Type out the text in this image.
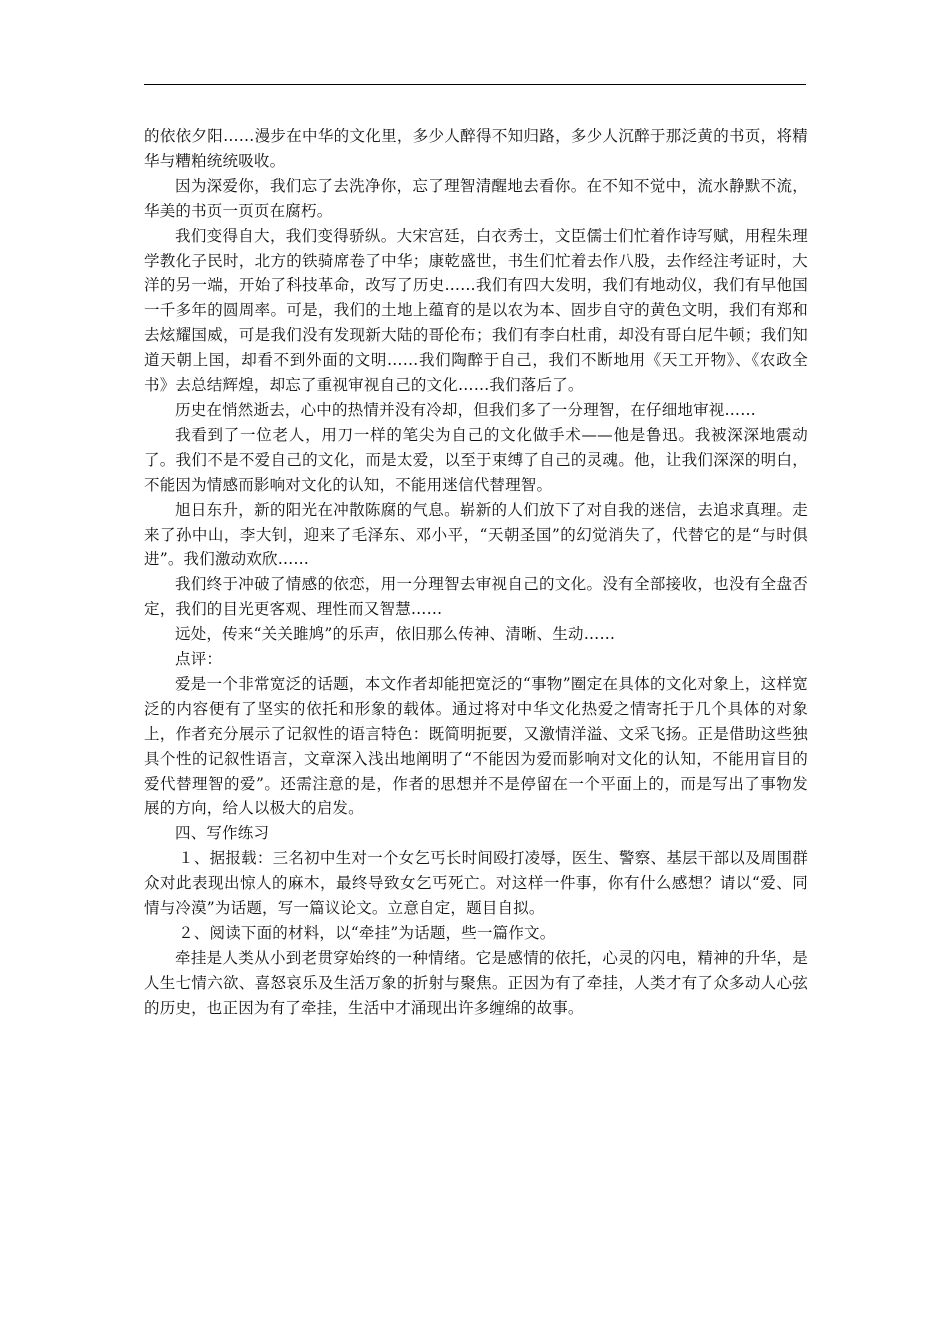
的依依夕阳……漫步在中华的文化里，多少人醉得不知归路，多少人沉醉于那泛黄的书页，将精华与糟粕统统吸收。

因为深爱你，我们忘了去洗净你，忘了理智清醒地去看你。在不知不觉中，流水静默不流，华美的书页一页页在腐朽。

我们变得自大，我们变得骄纵。大宋宫廷，白衣秀士，文臣儒士们忙着作诗写赋，用程朱理学教化子民时，北方的铁骑席卷了中华；康乾盛世，书生们忙着去作八股，去作经注考证时，大洋的另一端，开始了科技革命，改写了历史……我们有四大发明，我们有地动仪，我们有早他国一千多年的圆周率。可是，我们的土地上蕴育的是以农为本、固步自守的黄色文明，我们有郑和去炫耀国威，可是我们没有发现新大陆的哥伦布；我们有李白杜甫，却没有哥白尼牛顿；我们知道天朝上国，却看不到外面的文明……我们陶醉于自己，我们不断地用《天工开物》、《农政全书》去总结辉煌，却忘了重视审视自己的文化……我们落后了。

历史在悄然逝去，心中的热情并没有冷却，但我们多了一分理智，在仔细地审视……

我看到了一位老人，用刀一样的笔尖为自己的文化做手术——他是鲁迅。我被深深地震动了。我们不是不爱自己的文化，而是太爱，以至于束缚了自己的灵魂。他，让我们深深的明白，不能因为情感而影响对文化的认知，不能用迷信代替理智。

旭日东升，新的阳光在冲散陈腐的气息。崭新的人们放下了对自我的迷信，去追求真理。走来了孙中山，李大钊，迎来了毛泽东、邓小平，“天朝圣国”的幻觉消失了，代替它的是“与时俱进”。我们激动欢欣……

我们终于冲破了情感的依恋，用一分理智去审视自己的文化。没有全部接收，也没有全盘否定，我们的目光更客观、理性而又智慧……

远处，传来“关关雎鸠”的乐声，依旧那么传神、清晰、生动……

点评：

爱是一个非常宽泛的话题，本文作者却能把宽泛的“事物”圈定在具体的文化对象上，这样宽泛的内容便有了坚实的依托和形象的载体。通过将对中华文化热爱之情寄托于几个具体的对象上，作者充分展示了记叙性的语言特色：既简明扼要，又激情洋溢、文采飞扬。正是借助这些独具个性的记叙性语言，文章深入浅出地阐明了“不能因为爱而影响对文化的认知，不能用盲目的爱代替理智的爱”。还需注意的是，作者的思想并不是停留在一个平面上的，而是写出了事物发展的方向，给人以极大的启发。

四、写作练习

１、据报载：三名初中生对一个女乞丐长时间殴打凌辱，医生、警察、基层干部以及周围群众对此表现出惊人的麻木，最终导致女乞丐死亡。对这样一件事，你有什么感想？请以“爱、同情与冷漠”为话题，写一篇议论文。立意自定，题目自拟。

２、阅读下面的材料，以“牵挂”为话题，些一篇作文。

牵挂是人类从小到老贯穿始终的一种情绪。它是感情的依托，心灵的闪电，精神的升华，是人生七情六欲、喜怒哀乐及生活万象的折射与聚焦。正因为有了牵挂，人类才有了众多动人心弦的历史，也正因为有了牵挂，生活中才涌现出许多缠绵的故事。
